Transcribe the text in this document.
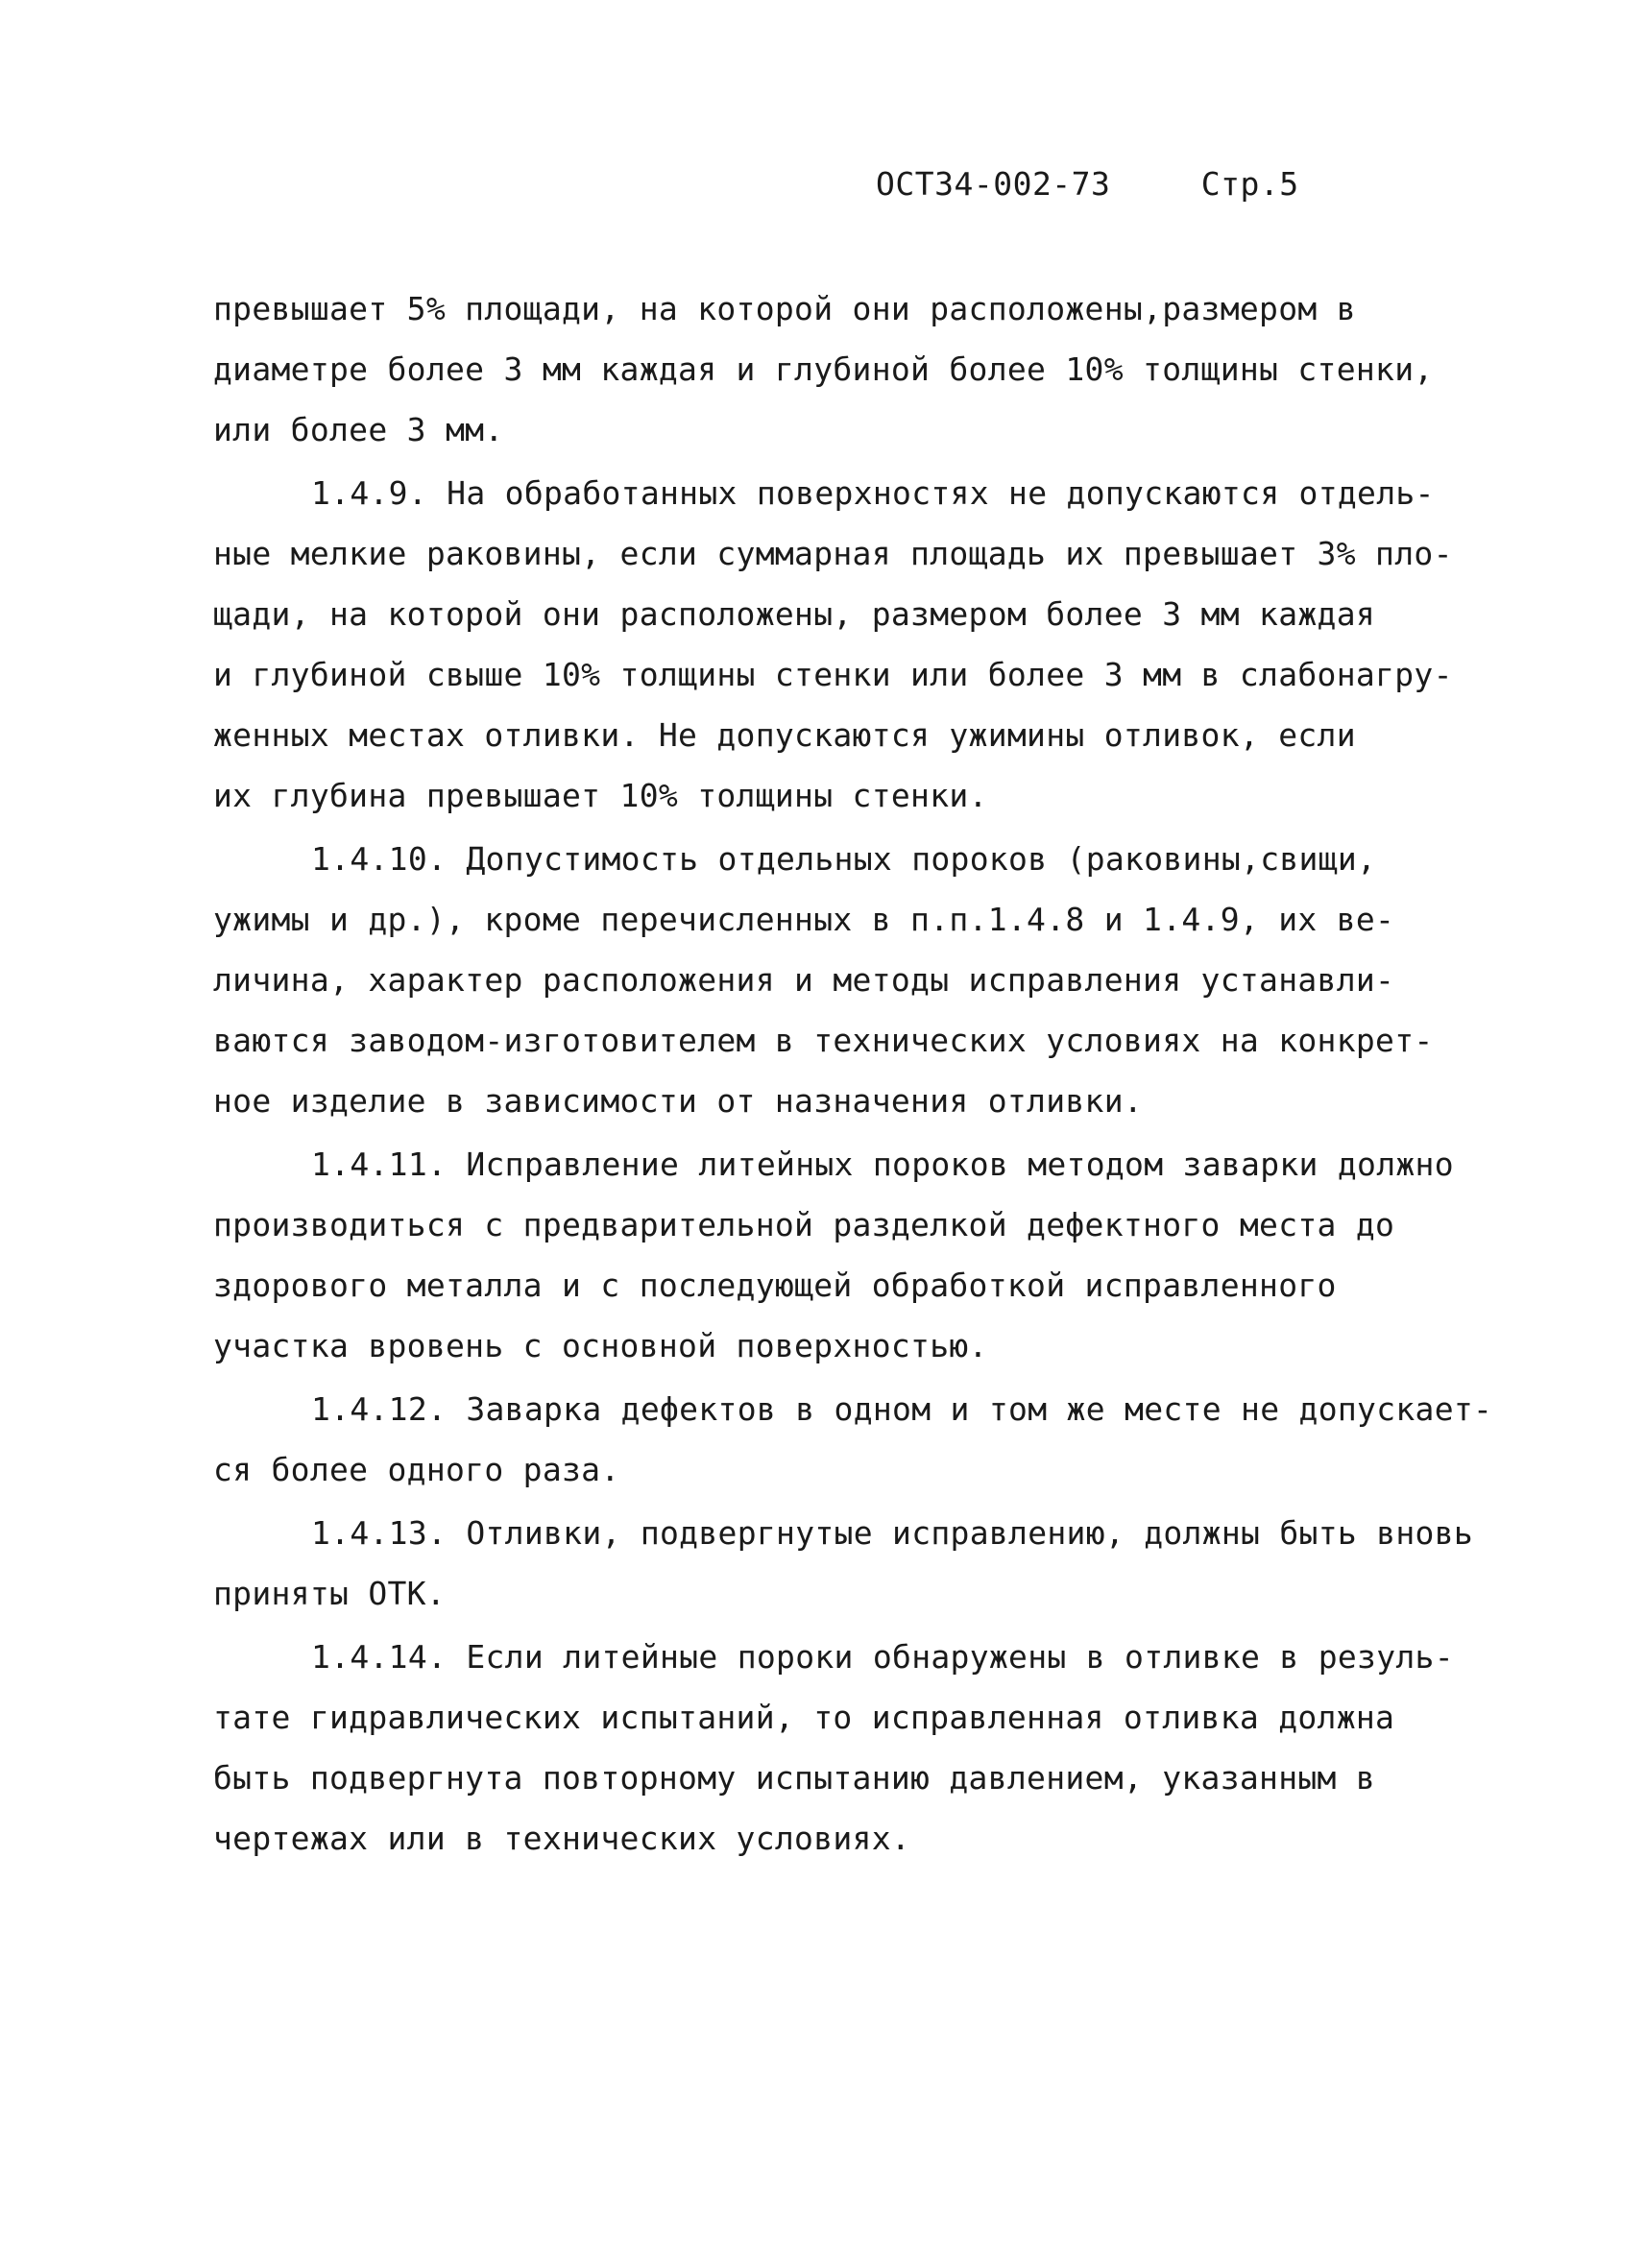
ОСТ34-002-73	Стр.5
превышает 5% площади, на которой они расположены,размером в
диаметре более 3 мм каждая и глубиной более 10% толщины стенки,
или более 3 мм.
1.4.9. На обработанных поверхностях не допускаются отдель-
ные мелкие раковины, если суммарная площадь их превышает 3% пло-
щади, на которой они расположены, размером более 3 мм каждая
и глубиной свыше 10% толщины стенки или более 3 мм в слабонагру-
женных местах отливки. Не допускаются ужимины отливок, если
их глубина превышает 10% толщины стенки.
1.4.10. Допустимость отдельных пороков (раковины,свищи,
ужимы и др.), кроме перечисленных в п.п.1.4.8 и 1.4.9, их ве-
личина, характер расположения и методы исправления устанавли-
ваются заводом-изготовителем в технических условиях на конкрет-
ное изделие в зависимости от назначения отливки.
1.4.11. Исправление литейных пороков методом заварки должно
производиться с предварительной разделкой дефектного места до
здорового металла и с последующей обработкой исправленного
участка вровень с основной поверхностью.
1.4.12. Заварка дефектов в одном и том же месте не допускает-
ся более одного раза.
1.4.13. Отливки, подвергнутые исправлению, должны быть вновь
приняты ОТК.
1.4.14. Если литейные пороки обнаружены в отливке в резуль-
тате гидравлических испытаний, то исправленная отливка должна
быть подвергнута повторному испытанию давлением, указанным в
чертежах или в технических условиях.
